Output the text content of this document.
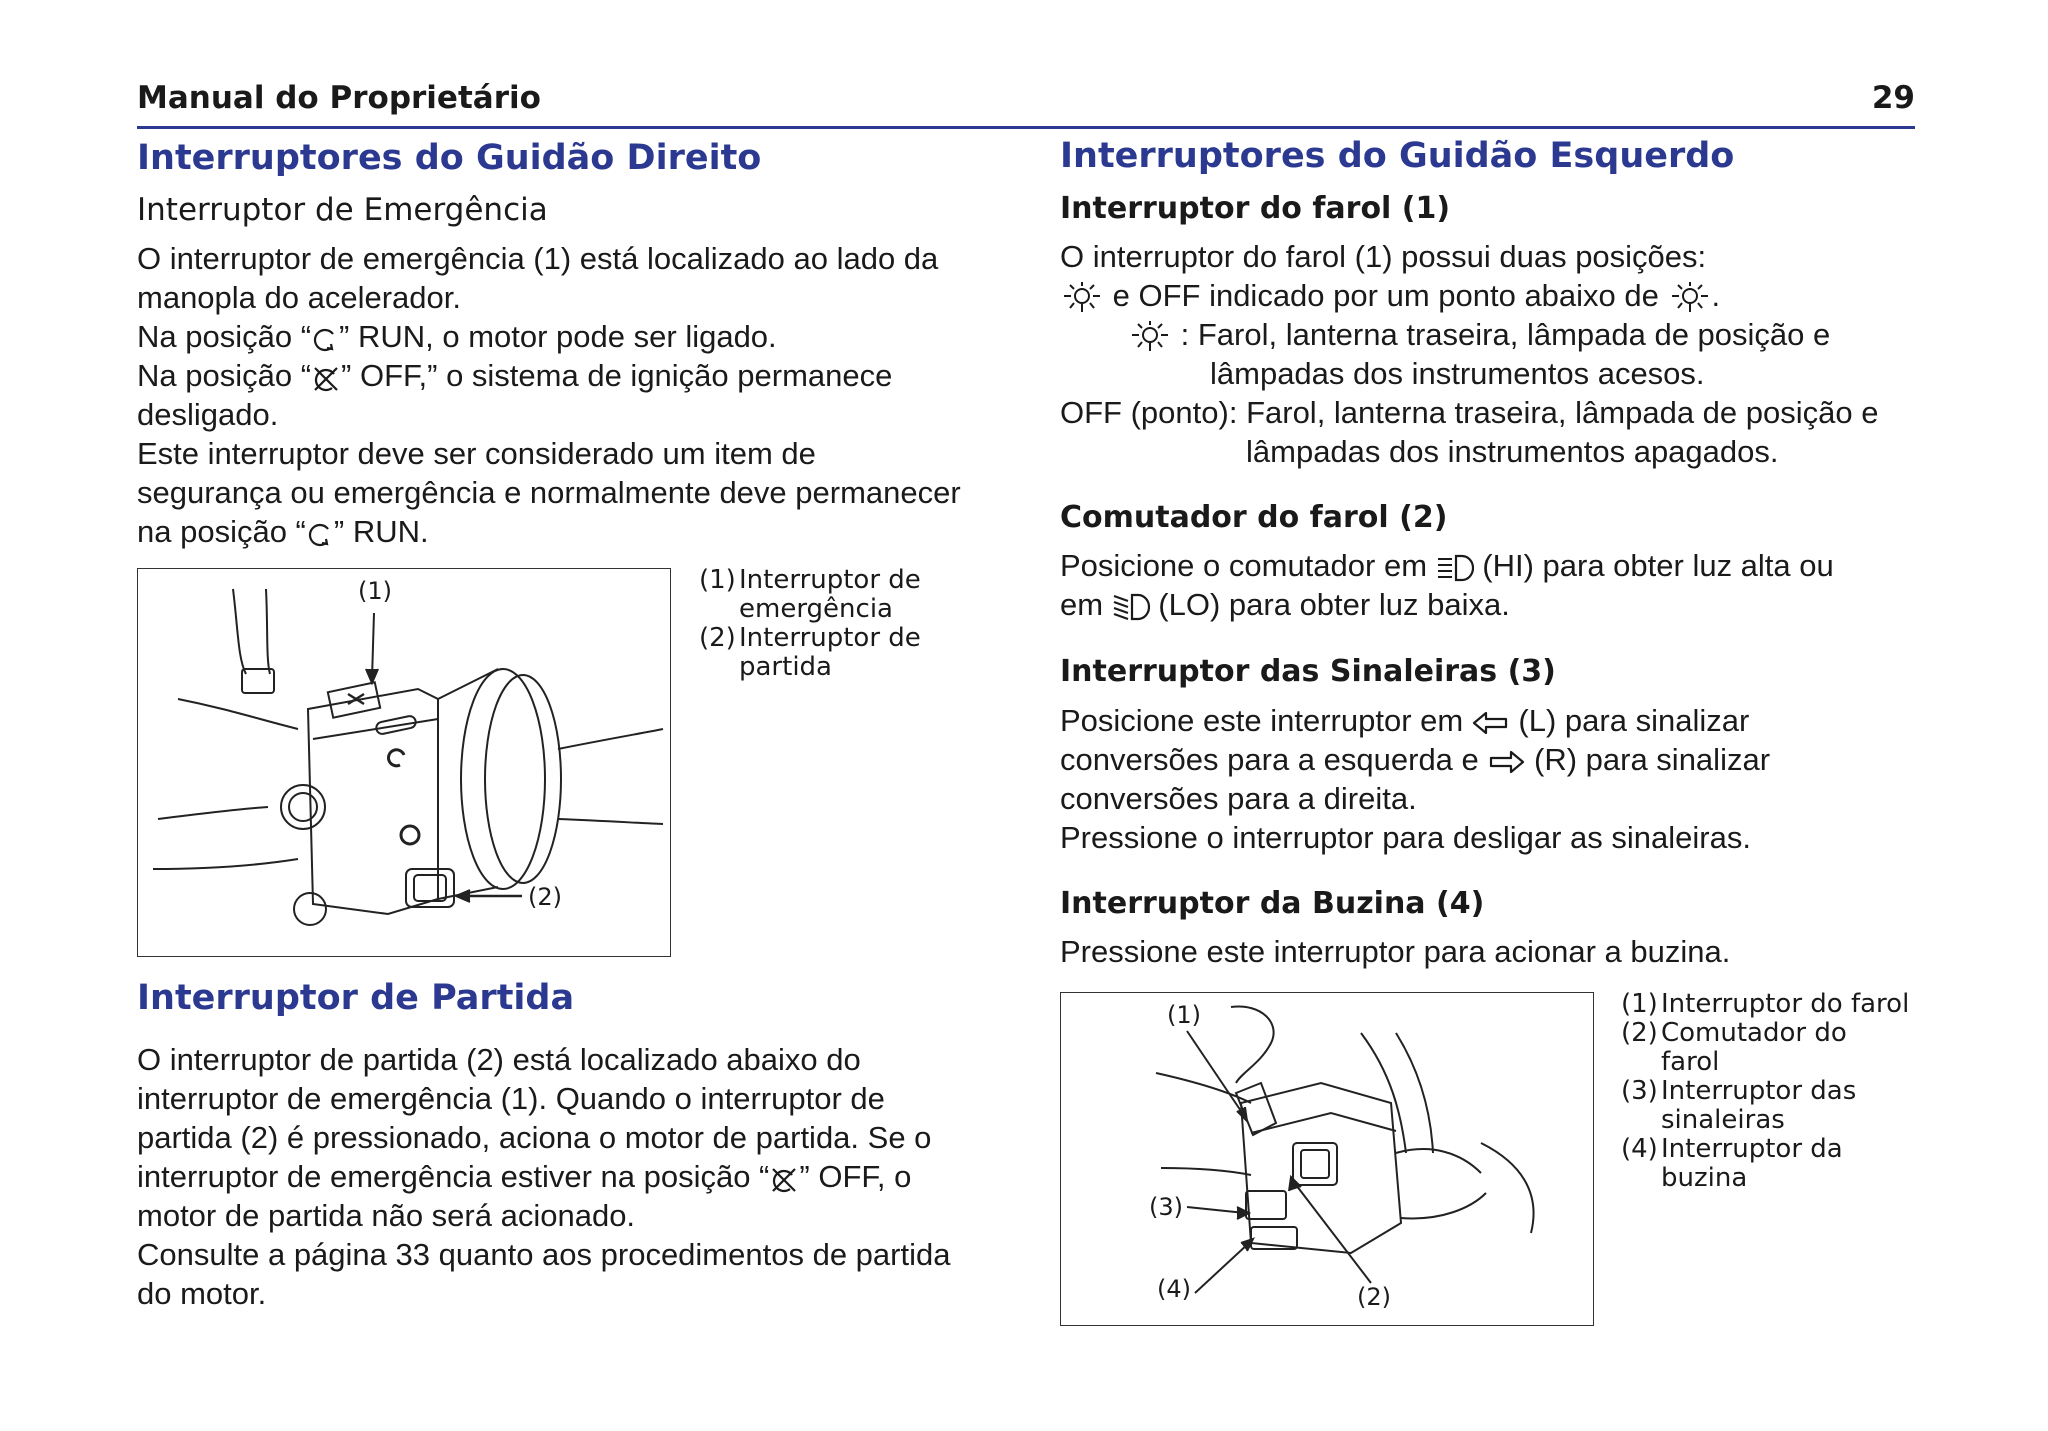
Manual do Proprietário	29
Interruptores do Guidão Direito
Interruptor de Emergência
O interruptor de emergência (1) está localizado ao lado da
manopla do acelerador.
Na posição “ ” RUN, o motor pode ser ligado.
Na posição “ ” OFF,” o sistema de ignição permanece
desligado.
Este interruptor deve ser considerado um item de
segurança ou emergência e normalmente deve permanecer
na posição “ ” RUN.
(1)
(2)
(1) Interruptor de
emergência
(2) Interruptor de
partida
Interruptor de Partida
O interruptor de partida (2) está localizado abaixo do
interruptor de emergência (1). Quando o interruptor de
partida (2) é pressionado, aciona o motor de partida. Se o
interruptor de emergência estiver na posição “ ” OFF, o
motor de partida não será acionado.
Consulte a página 33 quanto aos procedimentos de partida
do motor.
Interruptores do Guidão Esquerdo
Interruptor do farol (1)
O interruptor do farol (1) possui duas posições:
e OFF indicado por um ponto abaixo de .
: Farol, lanterna traseira, lâmpada de posição e
lâmpadas dos instrumentos acesos.
OFF (ponto): Farol, lanterna traseira, lâmpada de posição e
lâmpadas dos instrumentos apagados.
Comutador do farol (2)
Posicione o comutador em  (HI) para obter luz alta ou
em  (LO) para obter luz baixa.
Interruptor das Sinaleiras (3)
Posicione este interruptor em  (L) para sinalizar
conversões para a esquerda e  (R) para sinalizar
conversões para a direita.
Pressione o interruptor para desligar as sinaleiras.
Interruptor da Buzina (4)
Pressione este interruptor para acionar a buzina.
(1)
(2)
(3)
(4)
(1) Interruptor do farol
(2) Comutador do
farol
(3) Interruptor das
sinaleiras
(4) Interruptor da
buzina
